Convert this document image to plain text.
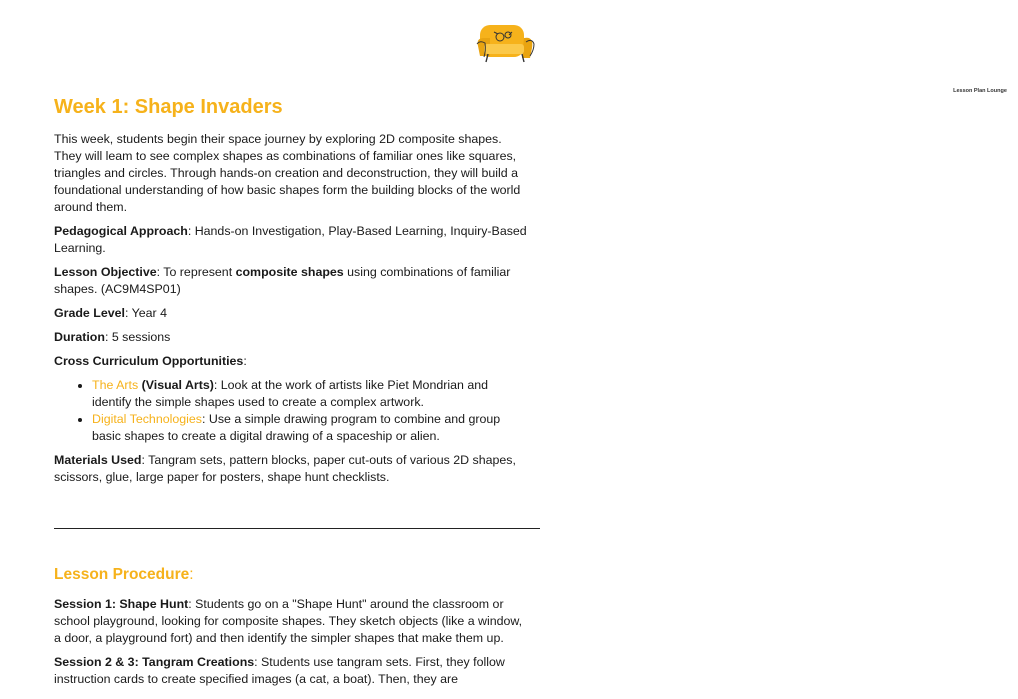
Lesson Plan Lounge
Week 1: Shape Invaders

This week, students begin their space journey by exploring 2D composite shapes. They will leam to see complex shapes as combinations of familiar ones like squares, triangles and circles. Through hands-on creation and deconstruction, they will build a foundational understanding of how basic shapes form the building blocks of the world around them.

Pedagogical Approach: Hands-on Investigation, Play-Based Learning, Inquiry-Based Learning.

Lesson Objective: To represent composite shapes using combinations of familiar shapes. (AC9M4SP01)

Grade Level: Year 4

Duration: 5 sessions

Cross Curriculum Opportunities:

• The Arts (Visual Arts): Look at the work of artists like Piet Mondrian and identify the simple shapes used to create a complex artwork.
• Digital Technologies: Use a simple drawing program to combine and group basic shapes to create a digital drawing of a spaceship or alien.

Materials Used: Tangram sets, pattern blocks, paper cut-outs of various 2D shapes, scissors, glue, large paper for posters, shape hunt checklists.

Lesson Procedure:

Session 1: Shape Hunt: Students go on a "Shape Hunt" around the classroom or school playground, looking for composite shapes. They sketch objects (like a window, a door, a playground fort) and then identify the simpler shapes that make them up.

Session 2 & 3: Tangram Creations: Students use tangram sets. First, they follow instruction cards to create specified images (a cat, a boat). Then, they are
